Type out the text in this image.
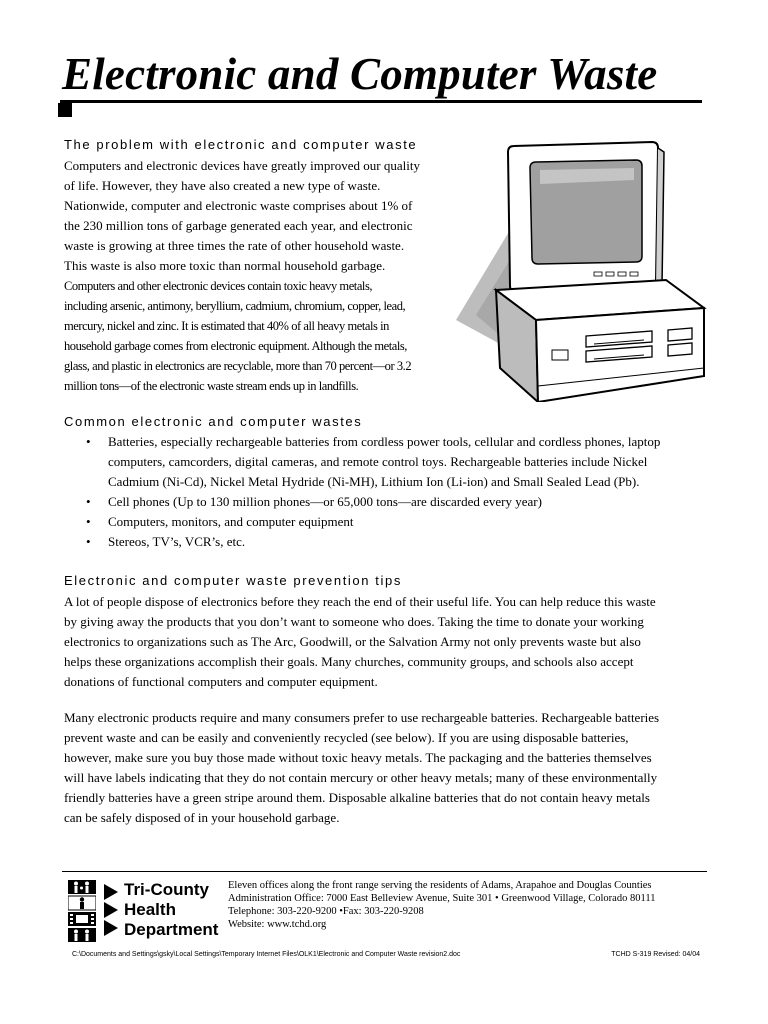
Electronic and Computer Waste
The problem with electronic and computer waste
Computers and electronic devices have greatly improved our quality
of life. However, they have also created a new type of waste.
Nationwide, computer and electronic waste comprises about 1% of
the 230 million tons of garbage generated each year, and electronic
waste is growing at three times the rate of other household waste.
This waste is also more toxic than normal household garbage.
Computers and other electronic devices contain toxic heavy metals,
including arsenic, antimony, beryllium, cadmium, chromium, copper, lead,
mercury, nickel and zinc. It is estimated that 40% of all heavy metals in
household garbage comes from electronic equipment. Although the metals,
glass, and plastic in electronics are recyclable, more than 70 percent—or 3.2
million tons—of the electronic waste stream ends up in landfills.
Common electronic and computer wastes
• Batteries, especially rechargeable batteries from cordless power tools, cellular and cordless phones, laptop
computers, camcorders, digital cameras, and remote control toys. Rechargeable batteries include Nickel
Cadmium (Ni-Cd), Nickel Metal Hydride (Ni-MH), Lithium Ion (Li-ion) and Small Sealed Lead (Pb).
• Cell phones (Up to 130 million phones—or 65,000 tons—are discarded every year)
• Computers, monitors, and computer equipment
• Stereos, TV’s, VCR’s, etc.
Electronic and computer waste prevention tips
A lot of people dispose of electronics before they reach the end of their useful life. You can help reduce this waste
by giving away the products that you don’t want to someone who does. Taking the time to donate your working
electronics to organizations such as The Arc, Goodwill, or the Salvation Army not only prevents waste but also
helps these organizations accomplish their goals. Many churches, community groups, and schools also accept
donations of functional computers and computer equipment.
Many electronic products require and many consumers prefer to use rechargeable batteries. Rechargeable batteries
prevent waste and can be easily and conveniently recycled (see below). If you are using disposable batteries,
however, make sure you buy those made without toxic heavy metals. The packaging and the batteries themselves
will have labels indicating that they do not contain mercury or other heavy metals; many of these environmentally
friendly batteries have a green stripe around them. Disposable alkaline batteries that do not contain heavy metals
can be safely disposed of in your household garbage.
Tri-County
Health
Department
Eleven offices along the front range serving the residents of Adams, Arapahoe and Douglas Counties
Administration Office: 7000 East Belleview Avenue, Suite 301 • Greenwood Village, Colorado 80111
Telephone: 303-220-9200 •Fax: 303-220-9208
Website: www.tchd.org
C:\Documents and Settings\gsky\Local Settings\Temporary Internet Files\OLK1\Electronic and Computer Waste revision2.doc	TCHD S-319 Revised: 04/04
